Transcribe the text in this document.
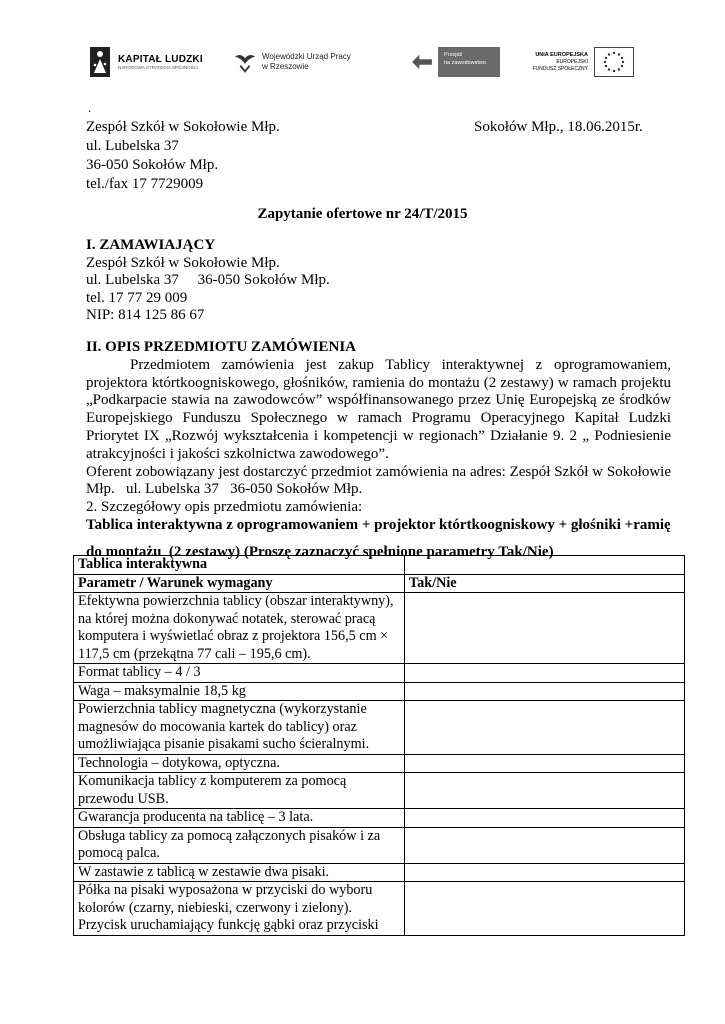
KAPITAŁ LUDZKI
NARODOWA STRATEGIA SPÓJNOŚCI
Wojewódzki Urząd Pracy
w Rzeszowie
Przejdź
na zawodowstwo
UNIA EUROPEJSKA
EUROPEJSKI
FUNDUSZ SPOŁECZNY
.
Zespół Szkół w Sokołowie Młp.
ul. Lubelska 37
36-050 Sokołów Młp.
tel./fax 17 7729009
Sokołów Młp., 18.06.2015r.
Zapytanie ofertowe nr 24/T/2015
I. ZAMAWIAJĄCY
Zespół Szkół w Sokołowie Młp.
ul. Lubelska 37     36-050 Sokołów Młp.
tel. 17 77 29 009
NIP: 814 125 86 67
II. OPIS PRZEDMIOTU ZAMÓWIENIA

Przedmiotem zamówienia jest zakup Tablicy interaktywnej z oprogramowaniem, projektora którtkoogniskowego, głośników, ramienia do montażu (2 zestawy) w ramach projektu „Podkarpacie stawia na zawodowców” współfinansowanego przez Unię Europejską ze środków Europejskiego Funduszu Społecznego w ramach Programu Operacyjnego Kapitał Ludzki Priorytet IX „Rozwój wykształcenia i kompetencji w regionach” Działanie 9. 2 „ Podniesienie atrakcyjności i jakości szkolnictwa zawodowego”.

Oferent zobowiązany jest dostarczyć przedmiot zamówienia na adres: Zespół Szkół w Sokołowie Młp.   ul. Lubelska 37   36-050 Sokołów Młp.

2. Szczegółowy opis przedmiotu zamówienia:

Tablica interaktywna z oprogramowaniem + projektor którtkoogniskowy + głośniki +ramię

do montażu  (2 zestawy) (Proszę zaznaczyć spełnione parametry Tak/Nie)

Tablica interaktywna	
Parametr / Warunek wymagany	Tak/Nie
Efektywna powierzchnia tablicy (obszar interaktywny), na której można dokonywać notatek, sterować pracą komputera i wyświetlać obraz z projektora 156,5 cm × 117,5 cm (przekątna 77 cali – 195,6 cm).	
Format tablicy – 4 / 3	
Waga – maksymalnie 18,5 kg	
Powierzchnia tablicy magnetyczna (wykorzystanie magnesów do mocowania kartek do tablicy) oraz umożliwiająca pisanie pisakami sucho ścieralnymi.	
Technologia – dotykowa, optyczna.	
Komunikacja tablicy z komputerem za pomocą przewodu USB.	
Gwarancja producenta na tablicę – 3 lata.	
Obsługa tablicy za pomocą załączonych pisaków i za pomocą palca.	
W zastawie z tablicą w zestawie dwa pisaki.	
Półka na pisaki wyposażona w przyciski do wyboru kolorów (czarny, niebieski, czerwony i zielony). Przycisk uruchamiający funkcję gąbki oraz przyciski	
